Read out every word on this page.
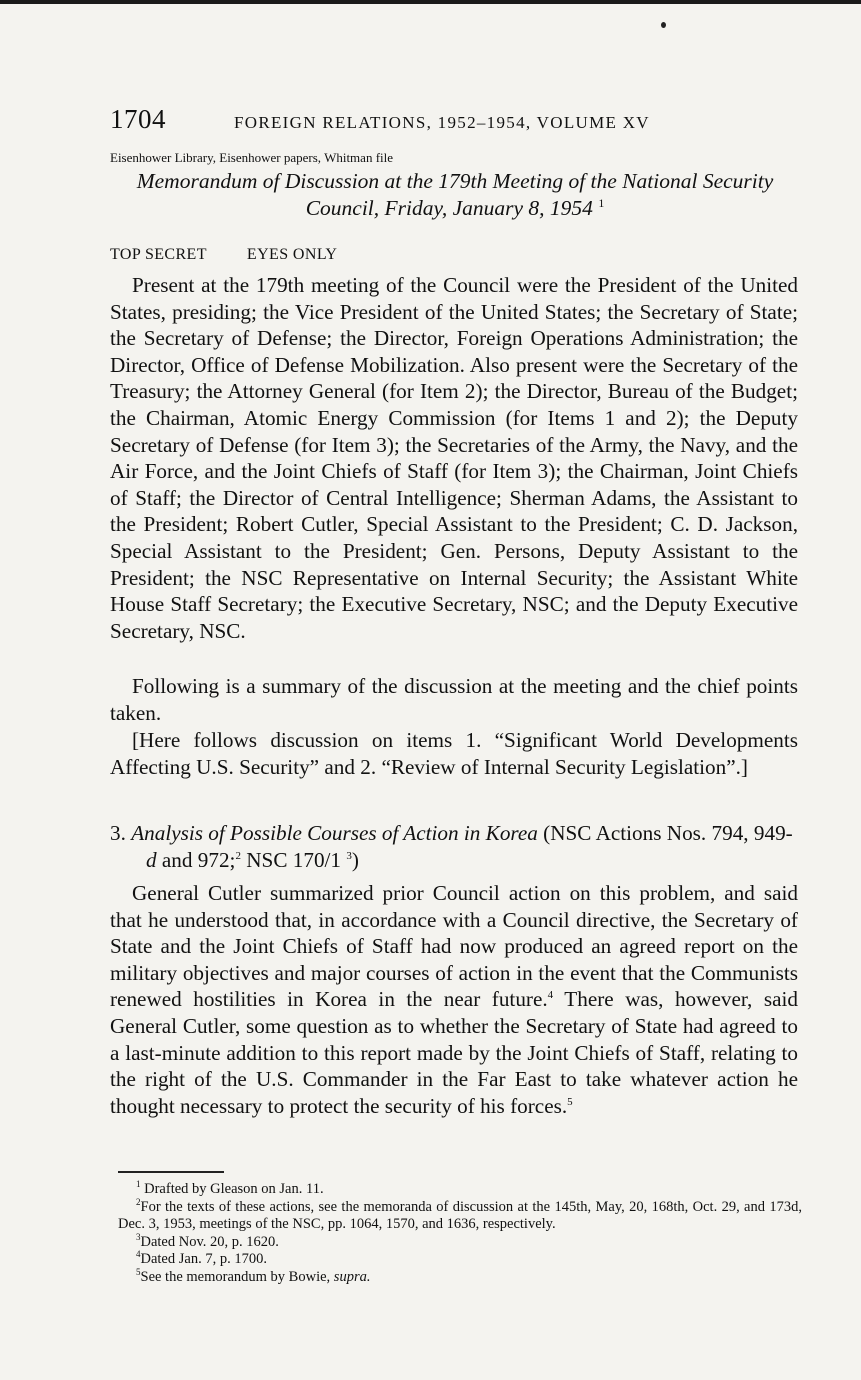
1704	FOREIGN RELATIONS, 1952–1954, VOLUME XV
Eisenhower Library, Eisenhower papers, Whitman file
Memorandum of Discussion at the 179th Meeting of the National Security
Council, Friday, January 8, 1954 $^1$
TOP SECRET	EYES ONLY

Present at the 179th meeting of the Council were the President of the United States, presiding; the Vice President of the United States; the Secretary of State; the Secretary of Defense; the Director, Foreign Operations Administration; the Director, Office of Defense Mobilization. Also present were the Secretary of the Treasury; the Attorney General (for Item 2); the Director, Bureau of the Budget; the Chairman, Atomic Energy Commission (for Items 1 and 2); the Deputy Secretary of Defense (for Item 3); the Secretaries of the Army, the Navy, and the Air Force, and the Joint Chiefs of Staff (for Item 3); the Chairman, Joint Chiefs of Staff; the Director of Central Intelligence; Sherman Adams, the Assistant to the President; Robert Cutler, Special Assistant to the President; C. D. Jackson, Special Assistant to the President; Gen. Persons, Deputy Assistant to the President; the NSC Representative on Internal Security; the Assistant White House Staff Secretary; the Executive Secretary, NSC; and the Deputy Executive Secretary, NSC.

Following is a summary of the discussion at the meeting and the chief points taken.

[Here follows discussion on items 1. “Significant World Developments Affecting U.S. Security” and 2. “Review of Internal Security Legislation”.]

3. Analysis of Possible Courses of Action in Korea (NSC Actions Nos. 794, 949-d and 972;$^2$ NSC 170/1 $^3$)

General Cutler summarized prior Council action on this problem, and said that he understood that, in accordance with a Council directive, the Secretary of State and the Joint Chiefs of Staff had now produced an agreed report on the military objectives and major courses of action in the event that the Communists renewed hostilities in Korea in the near future.$^4$ There was, however, said General Cutler, some question as to whether the Secretary of State had agreed to a last-minute addition to this report made by the Joint Chiefs of Staff, relating to the right of the U.S. Commander in the Far East to take whatever action he thought necessary to protect the security of his forces.$^5$

$^1$ Drafted by Gleason on Jan. 11.

$^2$For the texts of these actions, see the memoranda of discussion at the 145th, May, 20, 168th, Oct. 29, and 173d, Dec. 3, 1953, meetings of the NSC, pp. 1064, 1570, and 1636, respectively.

$^3$Dated Nov. 20, p. 1620.

$^4$Dated Jan. 7, p. 1700.

$^5$See the memorandum by Bowie, supra.
